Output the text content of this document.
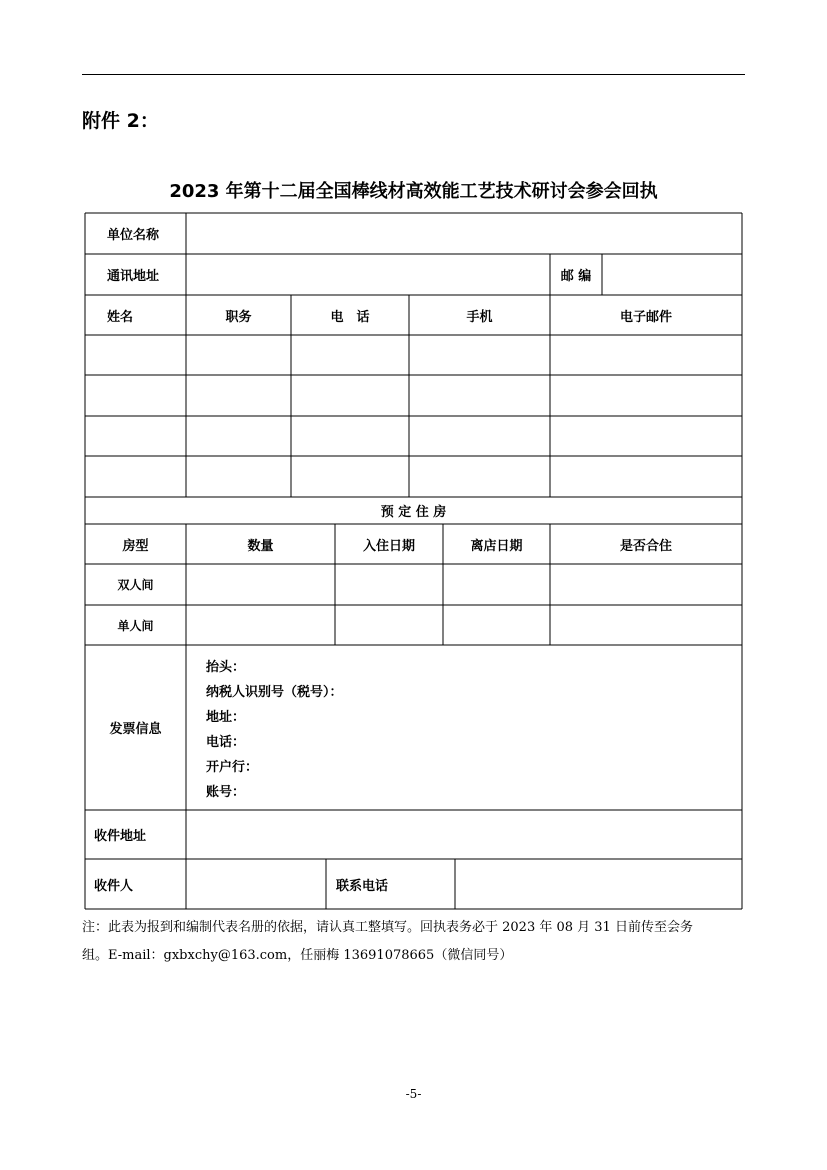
附件 2：
2023 年第十二届全国棒线材高效能工艺技术研讨会参会回执
单位名称
通讯地址	邮 编
姓名	职务	电　话	手机	电子邮件
预 定 住 房
房型	数量	入住日期	离店日期	是否合住
双人间
单人间
发票信息
抬头：
纳税人识别号（税号）：
地址：
电话：
开户行：
账号：
收件地址
收件人	联系电话
注：此表为报到和编制代表名册的依据，请认真工整填写。回执表务必于 2023 年 08 月 31 日前传至会务
组。E-mail：gxbxchy@163.com，任丽梅 13691078665（微信同号）
-5-
